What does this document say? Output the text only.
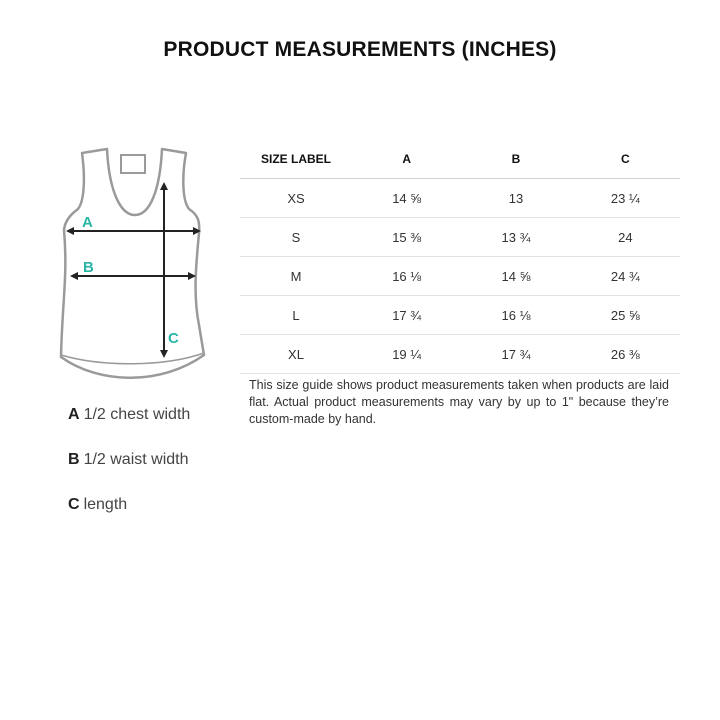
PRODUCT MEASUREMENTS (INCHES)
A
B
C
A 1/2 chest width
B 1/2 waist width
C length
SIZE LABEL	A	B	C
XS	14 ⅝	13	23 ¼
S	15 ⅜	13 ¾	24
M	16 ⅛	14 ⅝	24 ¾
L	17 ¾	16 ⅛	25 ⅝
XL	19 ¼	17 ¾	26 ⅜
This size guide shows product measurements taken when products are laid flat. Actual product measurements may vary by up to 1" because they’re custom-made by hand.
